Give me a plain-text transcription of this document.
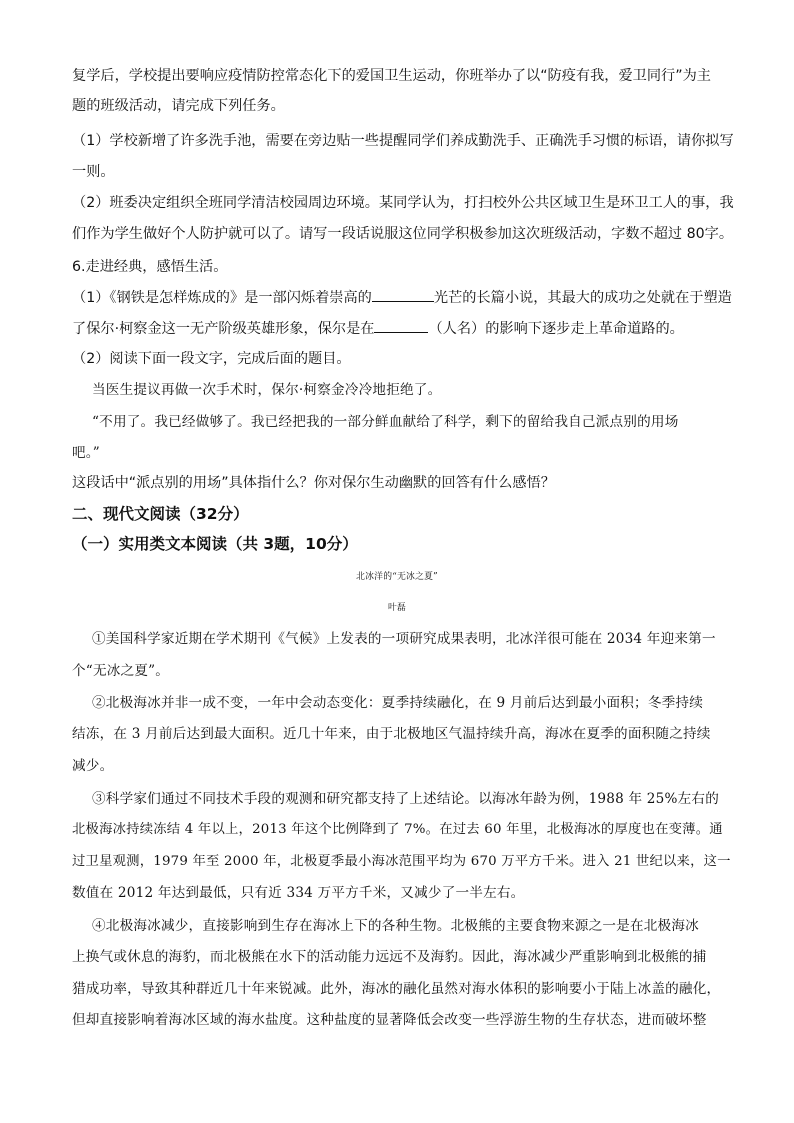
复学后，学校提出要响应疫情防控常态化下的爱国卫生运动，你班举办了以“防疫有我，爱卫同行”为主
题的班级活动，请完成下列任务。
（1）学校新增了许多洗手池，需要在旁边贴一些提醒同学们养成勤洗手、正确洗手习惯的标语，请你拟写
一则。
（2）班委决定组织全班同学清洁校园周边环境。某同学认为，打扫校外公共区域卫生是环卫工人的事，我
们作为学生做好个人防护就可以了。请写一段话说服这位同学积极参加这次班级活动，字数不超过 80字。
6.走进经典，感悟生活。
（1）《钢铁是怎样炼成的》是一部闪烁着崇高的	光芒的长篇小说，其最大的成功之处就在于塑造
了保尔·柯察金这一无产阶级英雄形象，保尔是在	（人名）的影响下逐步走上革命道路的。
（2）阅读下面一段文字，完成后面的题目。
当医生提议再做一次手术时，保尔·柯察金冷冷地拒绝了。
“不用了。我已经做够了。我已经把我的一部分鲜血献给了科学，剩下的留给我自己派点别的用场
吧。”
这段话中“派点别的用场”具体指什么？你对保尔生动幽默的回答有什么感悟？
二、现代文阅读（32分）
（一）实用类文本阅读（共 3题，10分）
北冰洋的“无冰之夏”
叶磊
①美国科学家近期在学术期刊《气候》上发表的一项研究成果表明，北冰洋很可能在 2034 年迎来第一
个“无冰之夏”。
②北极海冰并非一成不变，一年中会动态变化：夏季持续融化，在 9 月前后达到最小面积；冬季持续
结冻，在 3 月前后达到最大面积。近几十年来，由于北极地区气温持续升高，海冰在夏季的面积随之持续
减少。
③科学家们通过不同技术手段的观测和研究都支持了上述结论。以海冰年龄为例，1988 年 25%左右的
北极海冰持续冻结 4 年以上，2013 年这个比例降到了 7%。在过去 60 年里，北极海冰的厚度也在变薄。通
过卫星观测，1979 年至 2000 年，北极夏季最小海冰范围平均为 670 万平方千米。进入 21 世纪以来，这一
数值在 2012 年达到最低，只有近 334 万平方千米，又减少了一半左右。
④北极海冰减少，直接影响到生存在海冰上下的各种生物。北极熊的主要食物来源之一是在北极海冰
上换气或休息的海豹，而北极熊在水下的活动能力远远不及海豹。因此，海冰减少严重影响到北极熊的捕
猎成功率，导致其种群近几十年来锐减。此外，海冰的融化虽然对海水体积的影响要小于陆上冰盖的融化，
但却直接影响着海冰区域的海水盐度。这种盐度的显著降低会改变一些浮游生物的生存状态，进而破坏整
